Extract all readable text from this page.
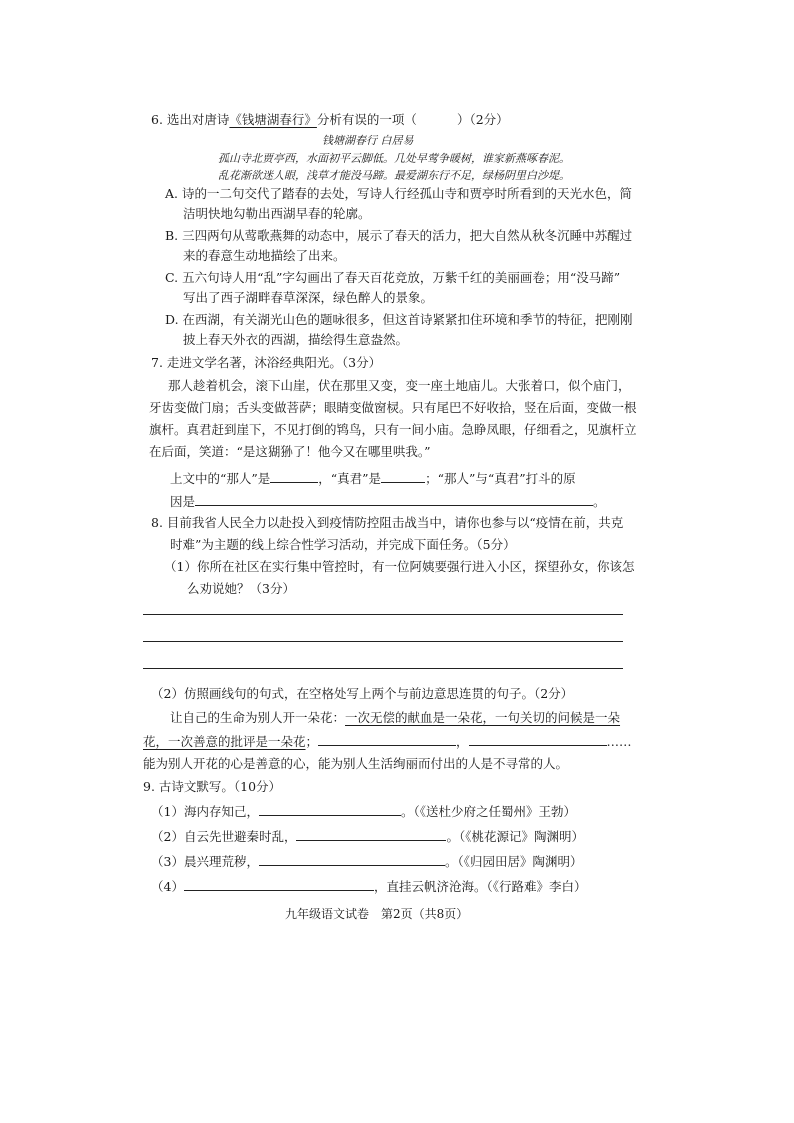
6. 选出对唐诗《钱塘湖春行》分析有误的一项（	）（2分）
钱塘湖春行 白居易
孤山寺北贾亭西，水面初平云脚低。几处早莺争暖树，谁家新燕啄春泥。
乱花渐欲迷人眼，浅草才能没马蹄。最爱湖东行不足，绿杨阴里白沙堤。
A. 诗的一二句交代了踏春的去处，写诗人行经孤山寺和贾亭时所看到的天光水色，简
洁明快地勾勒出西湖早春的轮廓。
B. 三四两句从莺歌燕舞的动态中，展示了春天的活力，把大自然从秋冬沉睡中苏醒过
来的春意生动地描绘了出来。
C. 五六句诗人用“乱”字勾画出了春天百花竞放，万紫千红的美丽画卷；用“没马蹄”
写出了西子湖畔春草深深，绿色醉人的景象。
D. 在西湖，有关湖光山色的题咏很多，但这首诗紧紧扣住环境和季节的特征，把刚刚
披上春天外衣的西湖，描绘得生意盎然。
7. 走进文学名著，沐浴经典阳光。（3分）
那人趁着机会，滚下山崖，伏在那里又变，变一座土地庙儿。大张着口，似个庙门，
牙齿变做门扇；舌头变做菩萨；眼睛变做窗棂。只有尾巴不好收拾，竖在后面，变做一根
旗杆。真君赶到崖下，不见打倒的鸨鸟，只有一间小庙。急睁凤眼，仔细看之，见旗杆立
在后面，笑道：“是这猢狲了！他今又在哪里哄我。”
上文中的“那人”是	，“真君”是	；“那人”与“真君”打斗的原
因是	。
8. 目前我省人民全力以赴投入到疫情防控阻击战当中，请你也参与以“疫情在前，共克
时难”为主题的线上综合性学习活动，并完成下面任务。（5分）
（1）你所在社区在实行集中管控时，有一位阿姨要强行进入小区，探望孙女，你该怎
么劝说她？（3分）
（2）仿照画线句的句式，在空格处写上两个与前边意思连贯的句子。（2分）
让自己的生命为别人开一朵花：一次无偿的献血是一朵花，一句关切的问候是一朵
花，一次善意的批评是一朵花；	，	……
能为别人开花的心是善意的心，能为别人生活绚丽而付出的人是不寻常的人。
9. 古诗文默写。（10分）
（1）海内存知己，	。（《送杜少府之任蜀州》王勃）
（2）自云先世避秦时乱，	。（《桃花源记》陶渊明）
（3）晨兴理荒秽，	。（《归园田居》陶渊明）
（4）	，直挂云帆济沧海。（《行路难》李白）
九年级语文试卷　第2页（共8页）
